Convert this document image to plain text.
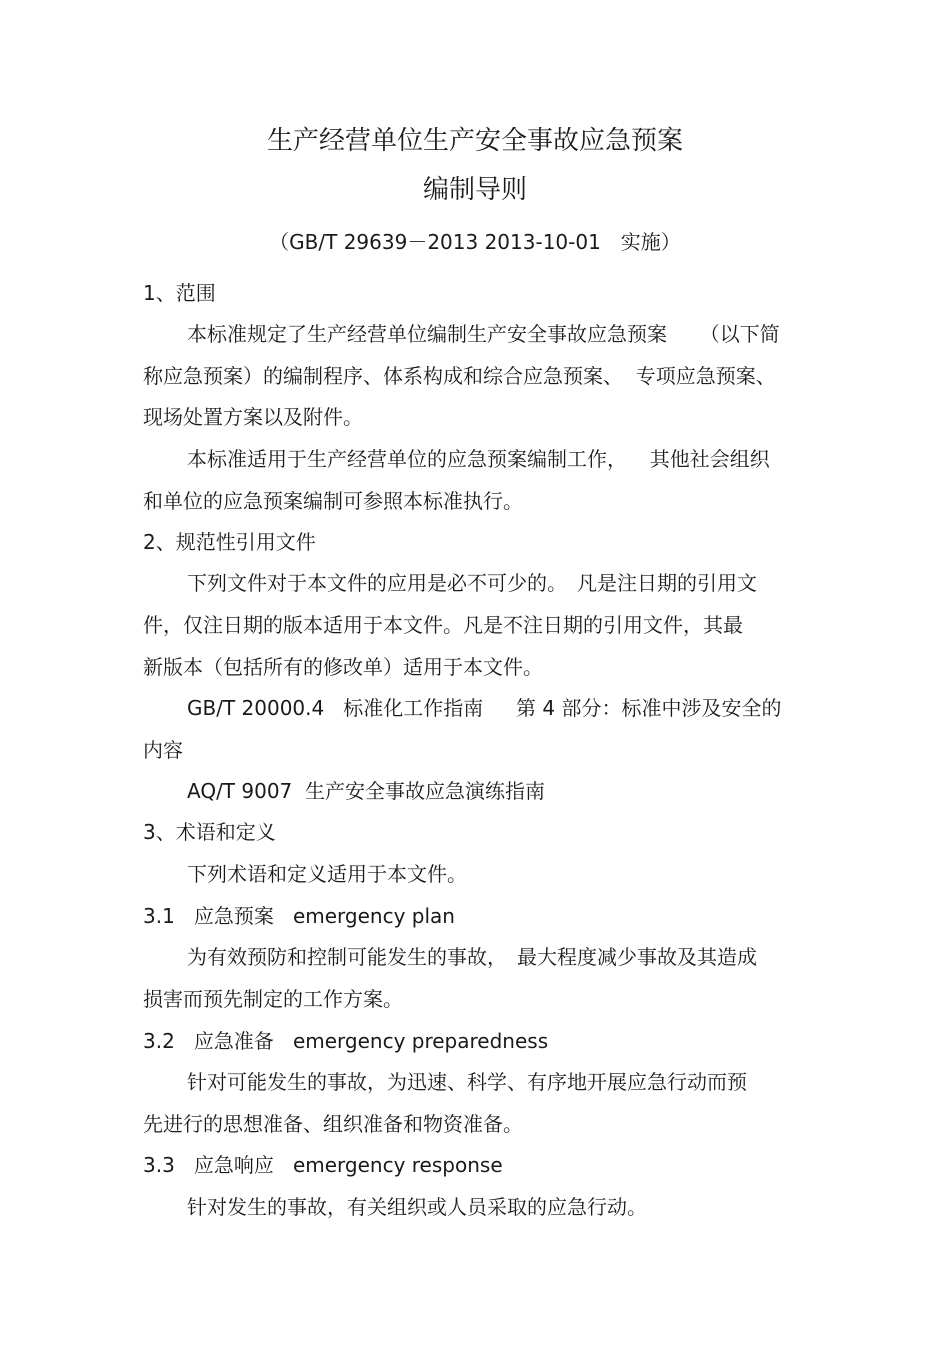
生产经营单位生产安全事故应急预案
编制导则
（GB/T 29639－2013 2013-10-01　实施）
1、范围
本标准规定了生产经营单位编制生产安全事故应急预案　  （以下简
称应急预案）的编制程序、体系构成和综合应急预案、  专项应急预案、
现场处置方案以及附件。
本标准适用于生产经营单位的应急预案编制工作，　  其他社会组织
和单位的应急预案编制可参照本标准执行。
2、规范性引用文件
下列文件对于本文件的应用是必不可少的。　凡是注日期的引用文
件，仅注日期的版本适用于本文件。凡是不注日期的引用文件，其最
新版本（包括所有的修改单）适用于本文件。
GB/T 20000.4   标准化工作指南　  第 4 部分：标准中涉及安全的
内容
AQ/T 9007  生产安全事故应急演练指南
3、术语和定义
下列术语和定义适用于本文件。
3.1   应急预案   emergency plan
为有效预防和控制可能发生的事故，　最大程度减少事故及其造成
损害而预先制定的工作方案。
3.2   应急准备   emergency preparedness
针对可能发生的事故，为迅速、科学、有序地开展应急行动而预
先进行的思想准备、组织准备和物资准备。
3.3   应急响应   emergency response
针对发生的事故，有关组织或人员采取的应急行动。
